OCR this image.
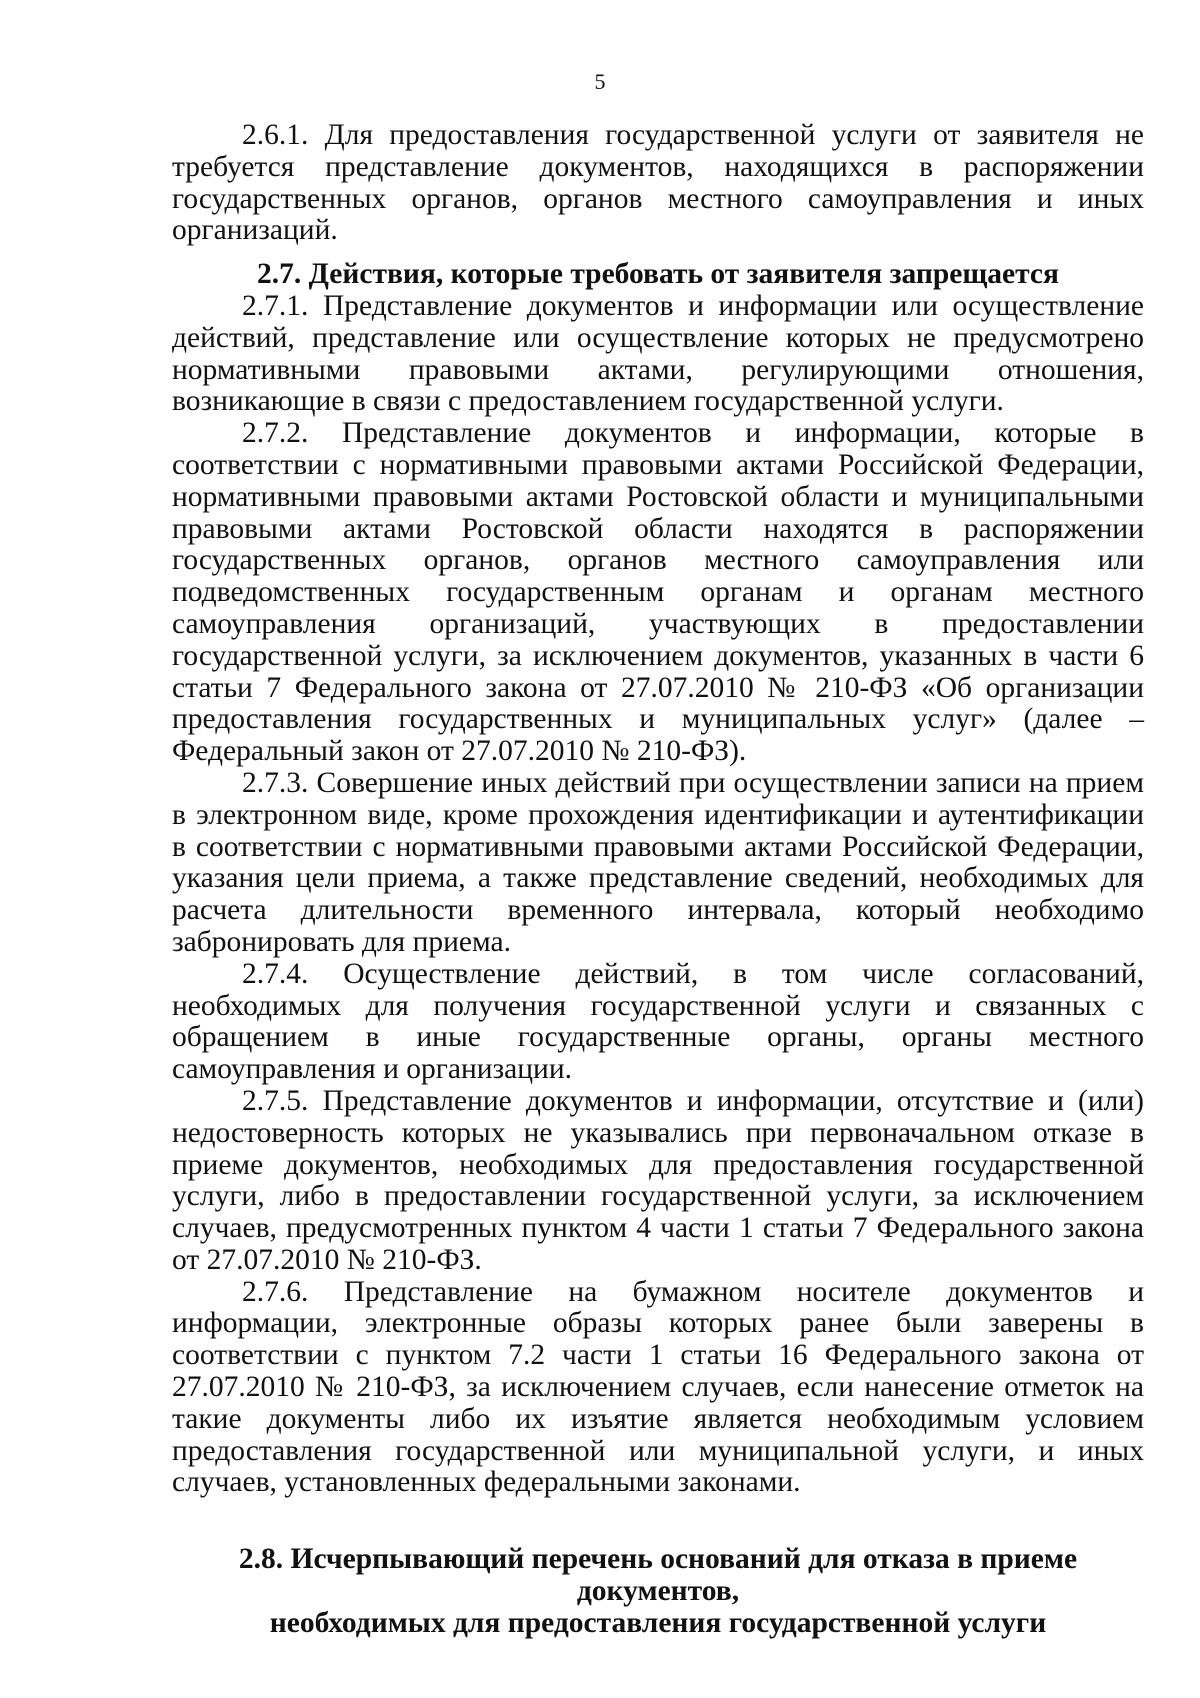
5

2.6.1. Для предоставления государственной услуги от заявителя не требуется представление документов, находящихся в распоряжении государственных органов, органов местного самоуправления и иных организаций.

2.7. Действия, которые требовать от заявителя запрещается

2.7.1. Представление документов и информации или осуществление действий, представление или осуществление которых не предусмотрено нормативными правовыми актами, регулирующими отношения, возникающие в связи с предоставлением государственной услуги.

2.7.2. Представление документов и информации, которые в соответствии с нормативными правовыми актами Российской Федерации, нормативными правовыми актами Ростовской области и муниципальными правовыми актами Ростовской области находятся в распоряжении государственных органов, органов местного самоуправления или подведомственных государственным органам и органам местного самоуправления организаций, участвующих в предоставлении государственной услуги, за исключением документов, указанных в части 6 статьи 7 Федерального закона от 27.07.2010 № 210-ФЗ «Об организации предоставления государственных и муниципальных услуг» (далее – Федеральный закон от 27.07.2010 № 210-ФЗ).

2.7.3. Совершение иных действий при осуществлении записи на прием в электронном виде, кроме прохождения идентификации и аутентификации в соответствии с нормативными правовыми актами Российской Федерации, указания цели приема, а также представление сведений, необходимых для расчета длительности временного интервала, который необходимо забронировать для приема.

2.7.4. Осуществление действий, в том числе согласований, необходимых для получения государственной услуги и связанных с обращением в иные государственные органы, органы местного самоуправления и организации.

2.7.5. Представление документов и информации, отсутствие и (или) недостоверность которых не указывались при первоначальном отказе в приеме документов, необходимых для предоставления государственной услуги, либо в предоставлении государственной услуги, за исключением случаев, предусмотренных пунктом 4 части 1 статьи 7 Федерального закона от 27.07.2010 № 210-ФЗ.

2.7.6. Представление на бумажном носителе документов и информации, электронные образы которых ранее были заверены в соответствии с пунктом 7.2 части 1 статьи 16 Федерального закона от 27.07.2010 № 210-ФЗ, за исключением случаев, если нанесение отметок на такие документы либо их изъятие является необходимым условием предоставления государственной или муниципальной услуги, и иных случаев, установленных федеральными законами.

2.8. Исчерпывающий перечень оснований для отказа в приеме документов,
необходимых для предоставления государственной услуги
